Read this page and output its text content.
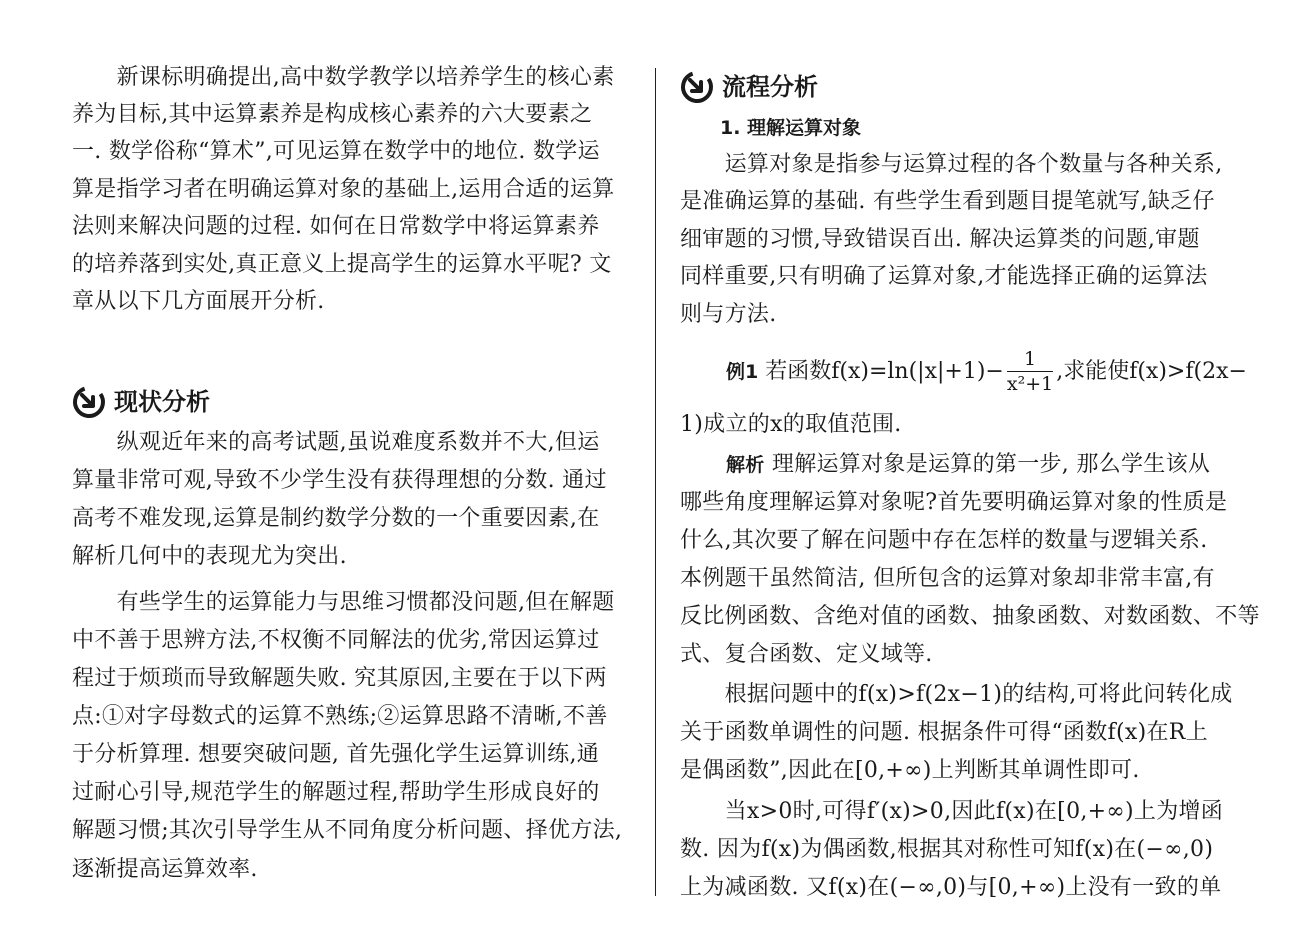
　　新课标明确提出,高中数学教学以培养学生的核心素
养为目标,其中运算素养是构成核心素养的六大要素之
一. 数学俗称“算术”,可见运算在数学中的地位. 数学运
算是指学习者在明确运算对象的基础上,运用合适的运算
法则来解决问题的过程. 如何在日常数学中将运算素养
的培养落到实处,真正意义上提高学生的运算水平呢? 文
章从以下几方面展开分析.
现状分析
　　纵观近年来的高考试题,虽说难度系数并不大,但运
算量非常可观,导致不少学生没有获得理想的分数. 通过
高考不难发现,运算是制约数学分数的一个重要因素,在
解析几何中的表现尤为突出.
　　有些学生的运算能力与思维习惯都没问题,但在解题
中不善于思辨方法,不权衡不同解法的优劣,常因运算过
程过于烦琐而导致解题失败. 究其原因,主要在于以下两
点:①对字母数式的运算不熟练;②运算思路不清晰,不善
于分析算理. 想要突破问题, 首先强化学生运算训练,通
过耐心引导,规范学生的解题过程,帮助学生形成良好的
解题习惯;其次引导学生从不同角度分析问题、择优方法,
逐渐提高运算效率.
流程分析
1. 理解运算对象
　　运算对象是指参与运算过程的各个数量与各种关系,
是准确运算的基础. 有些学生看到题目提笔就写,缺乏仔
细审题的习惯,导致错误百出. 解决运算类的问题,审题
同样重要,只有明确了运算对象,才能选择正确的运算法
则与方法.
例1 若函数$f(x)=\ln(|x|+1)- \frac{1}{\text{x²+1}}$ ,求能使f(x)>f(2x−
1)成立的x的取值范围.
解析 理解运算对象是运算的第一步, 那么学生该从
哪些角度理解运算对象呢?首先要明确运算对象的性质是
什么,其次要了解在问题中存在怎样的数量与逻辑关系.
本例题干虽然简洁, 但所包含的运算对象却非常丰富,有
反比例函数、含绝对值的函数、抽象函数、对数函数、不等
式、复合函数、定义域等.
　　根据问题中的f(x)>f(2x−1)的结构,可将此问转化成
关于函数单调性的问题. 根据条件可得“函数f(x)在R上
是偶函数”,因此在[0,+∞)上判断其单调性即可.
　　当x>0时,可得f′(x)>0,因此f(x)在[0,+∞)上为增函
数. 因为f(x)为偶函数,根据其对称性可知f(x)在(−∞,0)
上为减函数. 又f(x)在(−∞,0)与[0,+∞)上没有一致的单
